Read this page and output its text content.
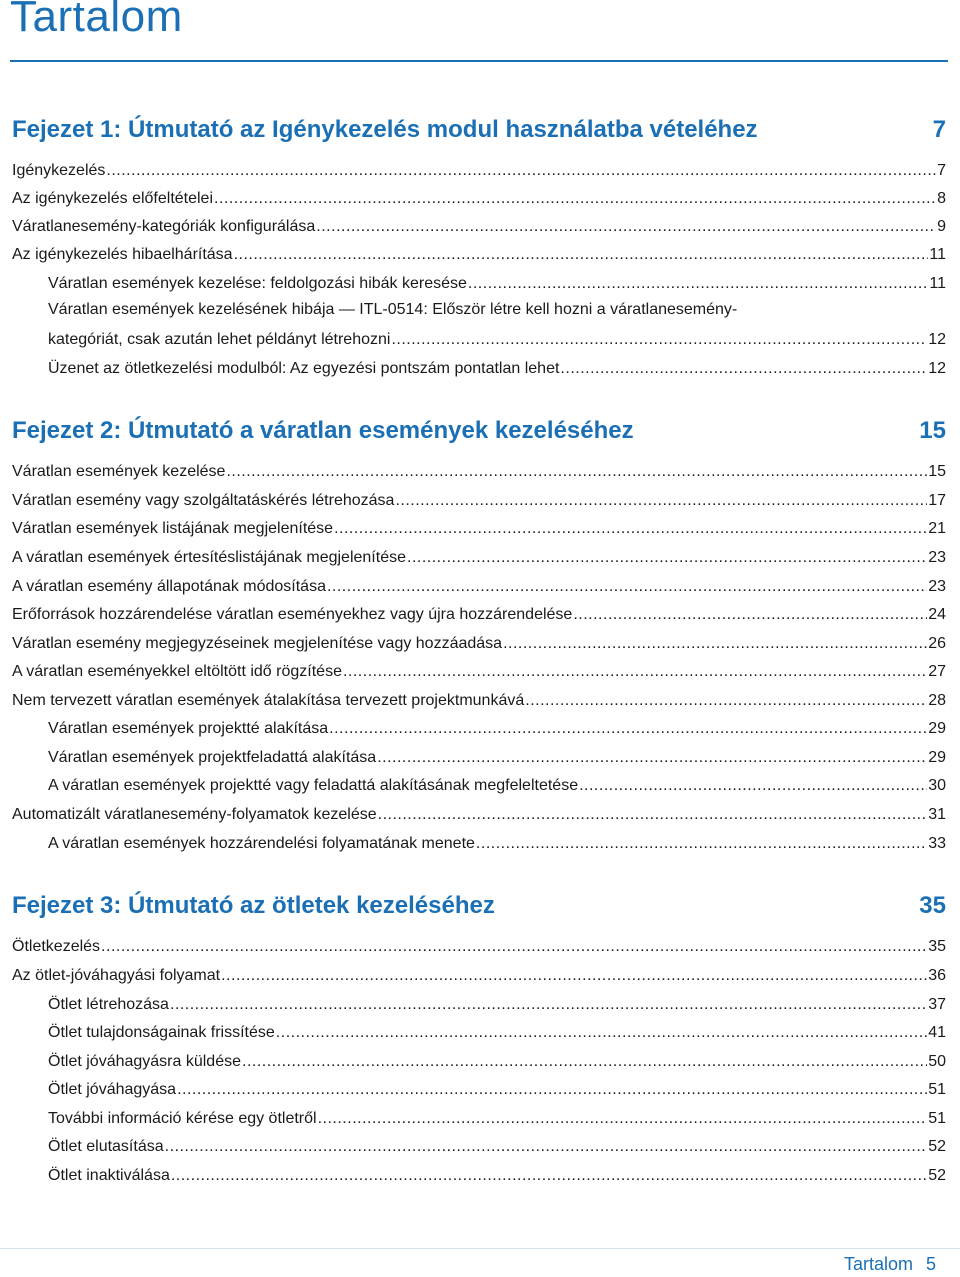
Tartalom
Fejezet 1: Útmutató az Igénykezelés modul használatba vételéhez	7
Igénykezelés .....	7
Az igénykezelés előfeltételei .....	8
Váratlanesemény-kategóriák konfigurálása .....	9
Az igénykezelés hibaelhárítása .....	11
Váratlan események kezelése: feldolgozási hibák keresése .....	11
Váratlan események kezelésének hibája — ITL-0514: Először létre kell hozni a váratlanesemény-
kategóriát, csak azután lehet példányt létrehozni .....	12
Üzenet az ötletkezelési modulból: Az egyezési pontszám pontatlan lehet .....	12
Fejezet 2: Útmutató a váratlan események kezeléséhez	15
Váratlan események kezelése .....	15
Váratlan esemény vagy szolgáltatáskérés létrehozása .....	17
Váratlan események listájának megjelenítése .....	21
A váratlan események értesítéslistájának megjelenítése .....	23
A váratlan esemény állapotának módosítása .....	23
Erőforrások hozzárendelése váratlan eseményekhez vagy újra hozzárendelése .....	24
Váratlan esemény megjegyzéseinek megjelenítése vagy hozzáadása .....	26
A váratlan eseményekkel eltöltött idő rögzítése .....	27
Nem tervezett váratlan események átalakítása tervezett projektmunkává .....	28
Váratlan események projektté alakítása .....	29
Váratlan események projektfeladattá alakítása .....	29
A váratlan események projektté vagy feladattá alakításának megfeleltetése .....	30
Automatizált váratlanesemény-folyamatok kezelése .....	31
A váratlan események hozzárendelési folyamatának menete .....	33
Fejezet 3: Útmutató az ötletek kezeléséhez	35
Ötletkezelés .....	35
Az ötlet-jóváhagyási folyamat .....	36
Ötlet létrehozása .....	37
Ötlet tulajdonságainak frissítése .....	41
Ötlet jóváhagyásra küldése .....	50
Ötlet jóváhagyása .....	51
További információ kérése egy ötletről .....	51
Ötlet elutasítása .....	52
Ötlet inaktiválása .....	52
Tartalom 5
